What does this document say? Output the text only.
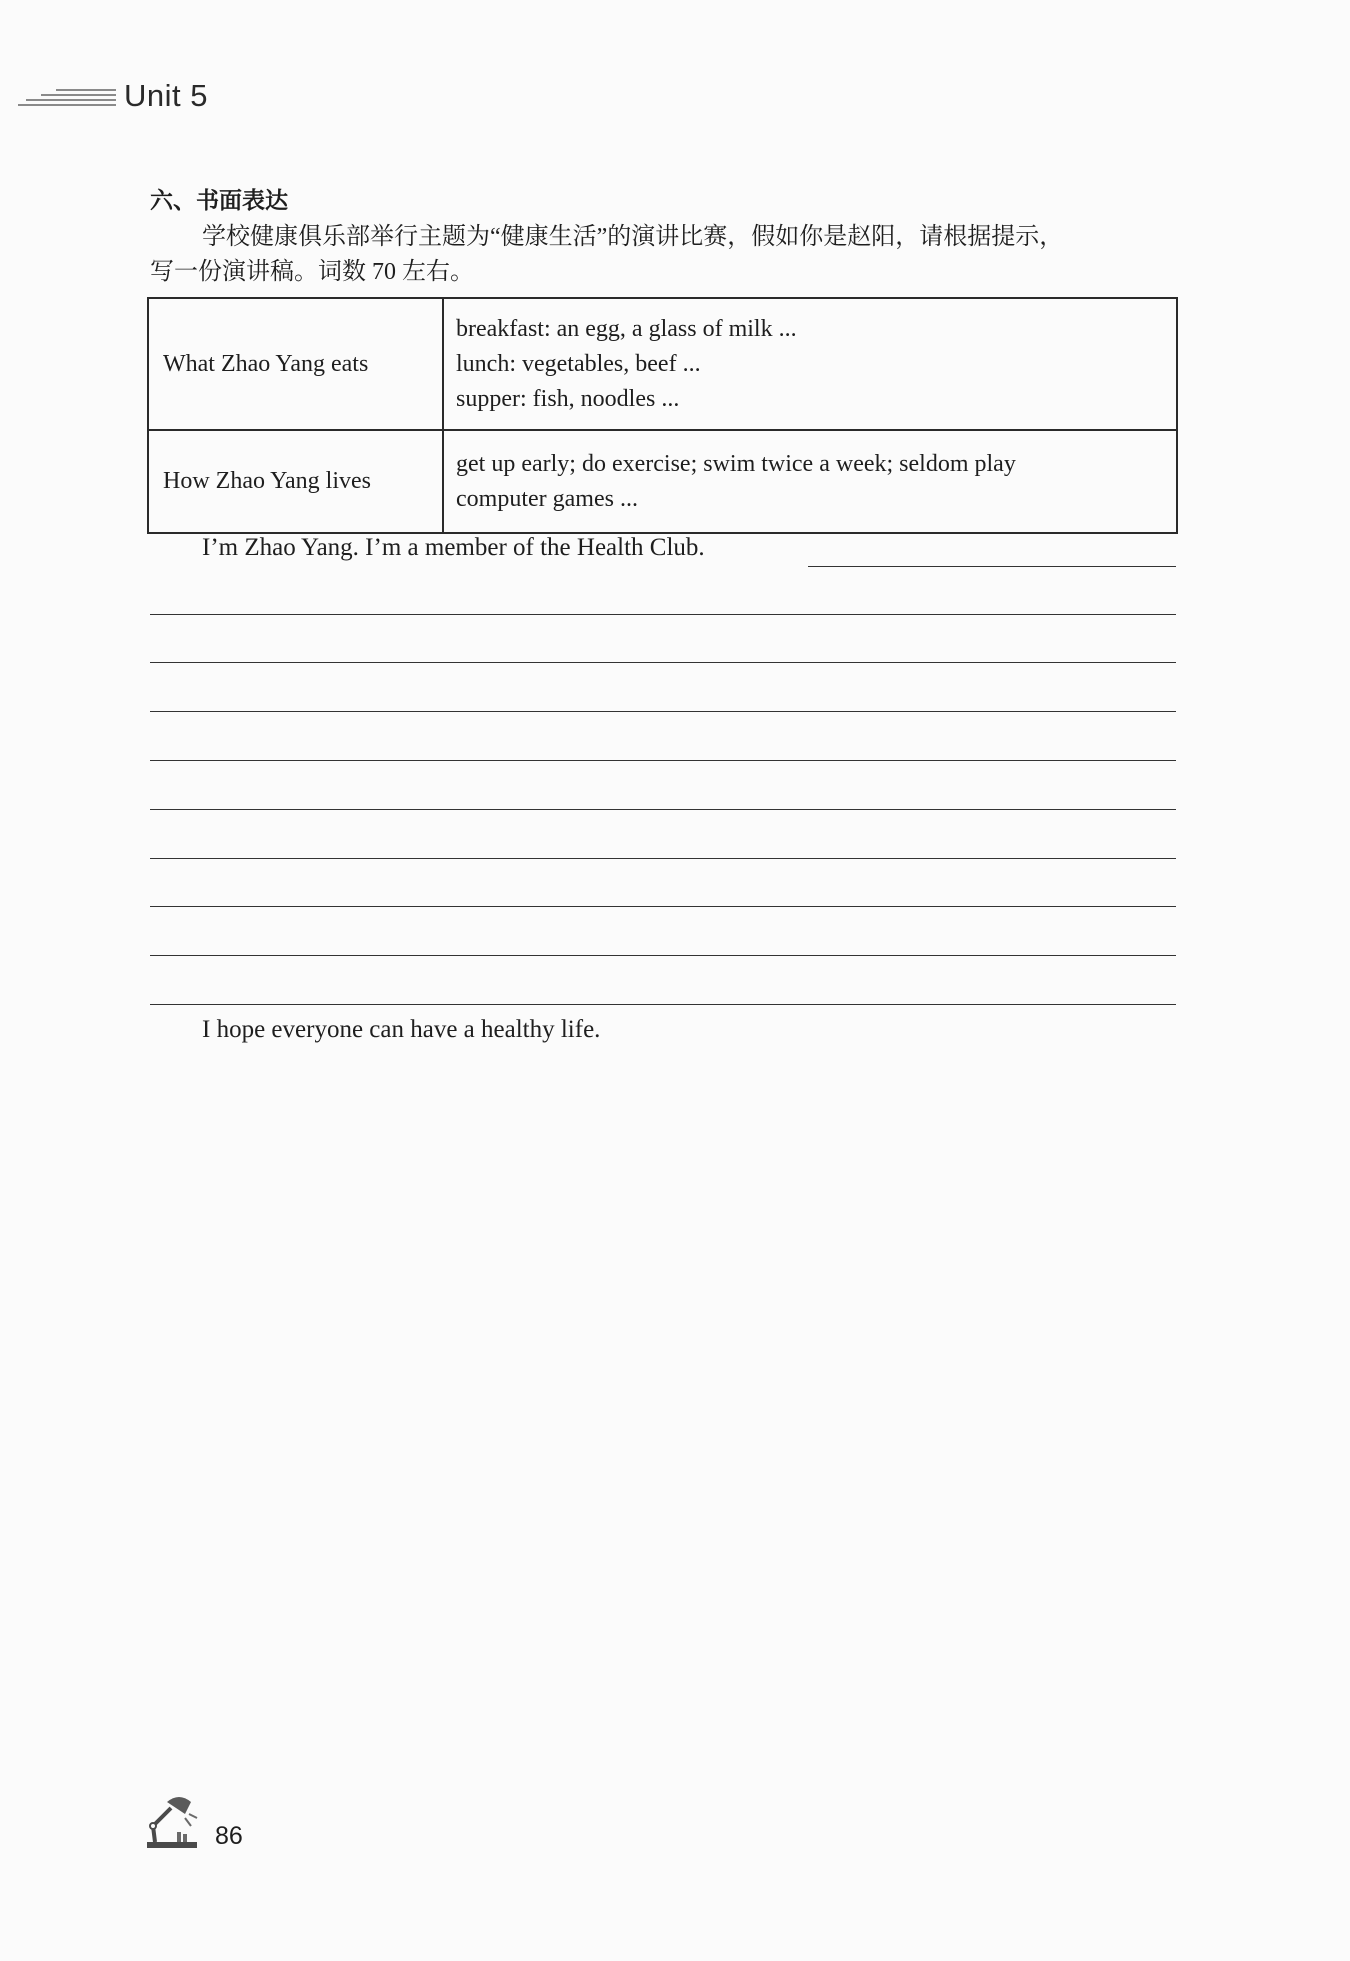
Unit 5
六、书面表达
学校健康俱乐部举行主题为“健康生活”的演讲比赛，假如你是赵阳，请根据提示，
写一份演讲稿。词数 70 左右。
What Zhao Yang eats	breakfast: an egg, a glass of milk ...
lunch: vegetables, beef ...
supper: fish, noodles ...

How Zhao Yang lives	get up early; do exercise; swim twice a week; seldom play
computer games ...
I’m Zhao Yang. I’m a member of the Health Club.
I hope everyone can have a healthy life.
86
